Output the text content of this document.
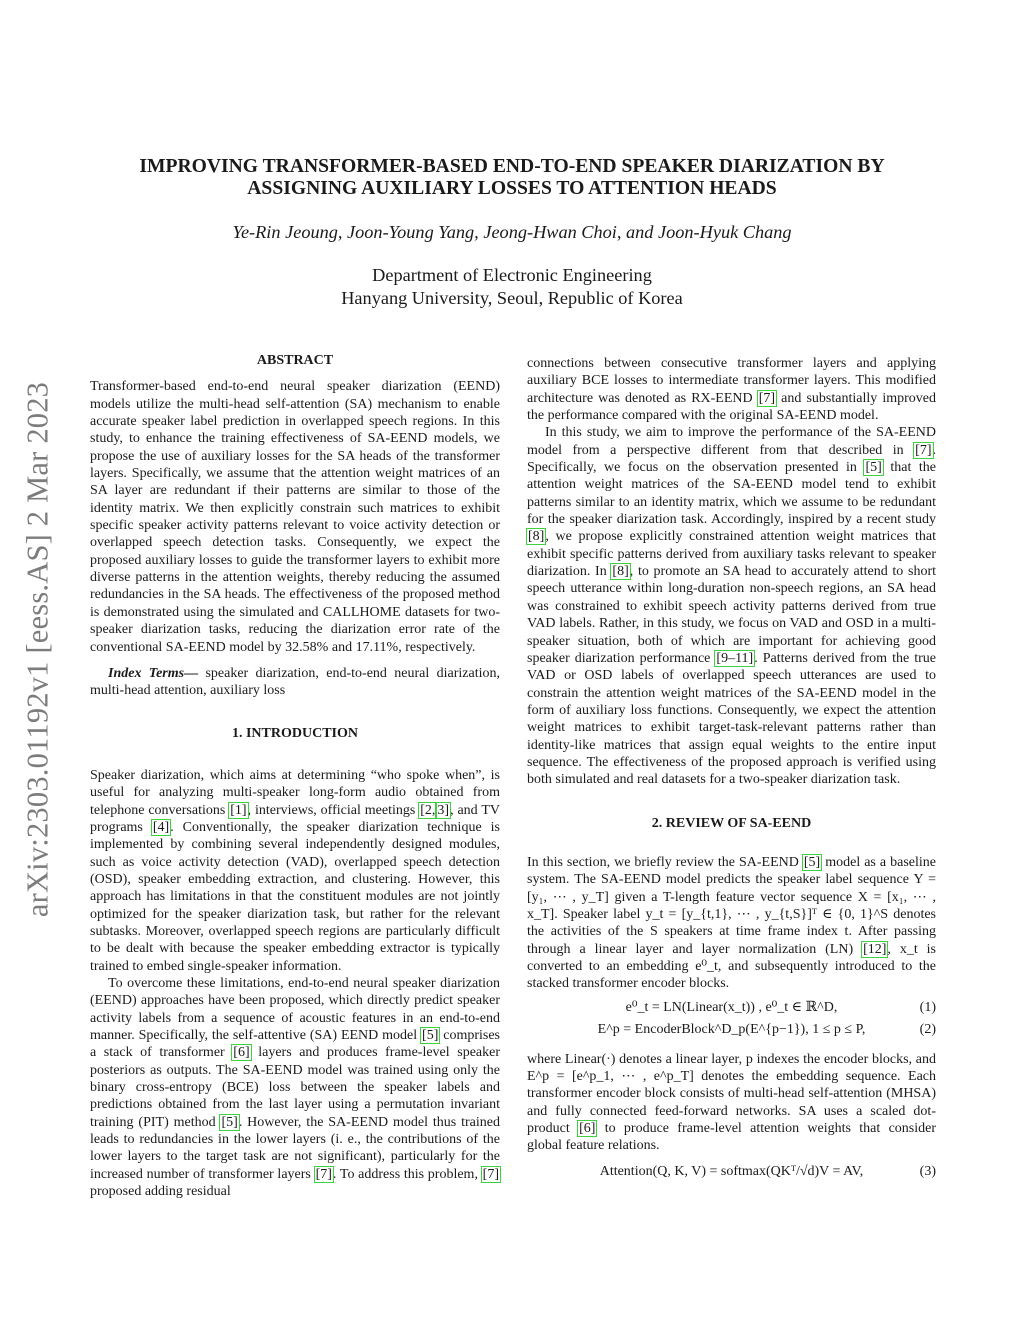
arXiv:2303.01192v1 [eess.AS] 2 Mar 2023
IMPROVING TRANSFORMER-BASED END-TO-END SPEAKER DIARIZATION BY
ASSIGNING AUXILIARY LOSSES TO ATTENTION HEADS
Ye-Rin Jeoung, Joon-Young Yang, Jeong-Hwan Choi, and Joon-Hyuk Chang
Department of Electronic Engineering
Hanyang University, Seoul, Republic of Korea
ABSTRACT

Transformer-based end-to-end neural speaker diarization (EEND) models utilize the multi-head self-attention (SA) mechanism to enable accurate speaker label prediction in overlapped speech regions. In this study, to enhance the training effectiveness of SA-EEND models, we propose the use of auxiliary losses for the SA heads of the transformer layers. Specifically, we assume that the attention weight matrices of an SA layer are redundant if their patterns are similar to those of the identity matrix. We then explicitly constrain such matrices to exhibit specific speaker activity patterns relevant to voice activity detection or overlapped speech detection tasks. Consequently, we expect the proposed auxiliary losses to guide the transformer layers to exhibit more diverse patterns in the attention weights, thereby reducing the assumed redundancies in the SA heads. The effectiveness of the proposed method is demonstrated using the simulated and CALLHOME datasets for two-speaker diarization tasks, reducing the diarization error rate of the conventional SA-EEND model by 32.58% and 17.11%, respectively.

Index Terms— speaker diarization, end-to-end neural diarization, multi-head attention, auxiliary loss

1. INTRODUCTION

Speaker diarization, which aims at determining “who spoke when”, is useful for analyzing multi-speaker long-form audio obtained from telephone conversations [1], interviews, official meetings [2, 3], and TV programs [4]. Conventionally, the speaker diarization technique is implemented by combining several independently designed modules, such as voice activity detection (VAD), overlapped speech detection (OSD), speaker embedding extraction, and clustering. However, this approach has limitations in that the constituent modules are not jointly optimized for the speaker diarization task, but rather for the relevant subtasks. Moreover, overlapped speech regions are particularly difficult to be dealt with because the speaker embedding extractor is typically trained to embed single-speaker information.

To overcome these limitations, end-to-end neural speaker diarization (EEND) approaches have been proposed, which directly predict speaker activity labels from a sequence of acoustic features in an end-to-end manner. Specifically, the self-attentive (SA) EEND model [5] comprises a stack of transformer [6] layers and produces frame-level speaker posteriors as outputs. The SA-EEND model was trained using only the binary cross-entropy (BCE) loss between the speaker labels and predictions obtained from the last layer using a permutation invariant training (PIT) method [5]. However, the SA-EEND model thus trained leads to redundancies in the lower layers (i. e., the contributions of the lower layers to the target task are not significant), particularly for the increased number of transformer layers [7]. To address this problem, [7] proposed adding residual

connections between consecutive transformer layers and applying auxiliary BCE losses to intermediate transformer layers. This modified architecture was denoted as RX-EEND [7] and substantially improved the performance compared with the original SA-EEND model.

In this study, we aim to improve the performance of the SA-EEND model from a perspective different from that described in [7]. Specifically, we focus on the observation presented in [5] that the attention weight matrices of the SA-EEND model tend to exhibit patterns similar to an identity matrix, which we assume to be redundant for the speaker diarization task. Accordingly, inspired by a recent study [8], we propose explicitly constrained attention weight matrices that exhibit specific patterns derived from auxiliary tasks relevant to speaker diarization. In [8], to promote an SA head to accurately attend to short speech utterance within long-duration non-speech regions, an SA head was constrained to exhibit speech activity patterns derived from true VAD labels. Rather, in this study, we focus on VAD and OSD in a multi-speaker situation, both of which are important for achieving good speaker diarization performance [9–11]. Patterns derived from the true VAD or OSD labels of overlapped speech utterances are used to constrain the attention weight matrices of the SA-EEND model in the form of auxiliary loss functions. Consequently, we expect the attention weight matrices to exhibit target-task-relevant patterns rather than identity-like matrices that assign equal weights to the entire input sequence. The effectiveness of the proposed approach is verified using both simulated and real datasets for a two-speaker diarization task.

2. REVIEW OF SA-EEND

In this section, we briefly review the SA-EEND [5] model as a baseline system. The SA-EEND model predicts the speaker label sequence Y = [y₁, ⋯ , y_T] given a T-length feature vector sequence X = [x₁, ⋯ , x_T]. Speaker label y_t = [y_{t,1}, ⋯ , y_{t,S}]ᵀ ∈ {0, 1}^S denotes the activities of the S speakers at time frame index t. After passing through a linear layer and layer normalization (LN) [12], x_t is converted to an embedding e⁰_t, and subsequently introduced to the stacked transformer encoder blocks.

e⁰_t = LN(Linear(x_t)) , e⁰_t ∈ ℝ^D,	(1)
E^p = EncoderBlock^D_p(E^{p−1}), 1 ≤ p ≤ P,	(2)

where Linear(·) denotes a linear layer, p indexes the encoder blocks, and E^p = [e^p_1, ⋯ , e^p_T] denotes the embedding sequence. Each transformer encoder block consists of multi-head self-attention (MHSA) and fully connected feed-forward networks. SA uses a scaled dot-product [6] to produce frame-level attention weights that consider global feature relations.

Attention(Q, K, V) = softmax(QKᵀ/√d)V = AV,	(3)
